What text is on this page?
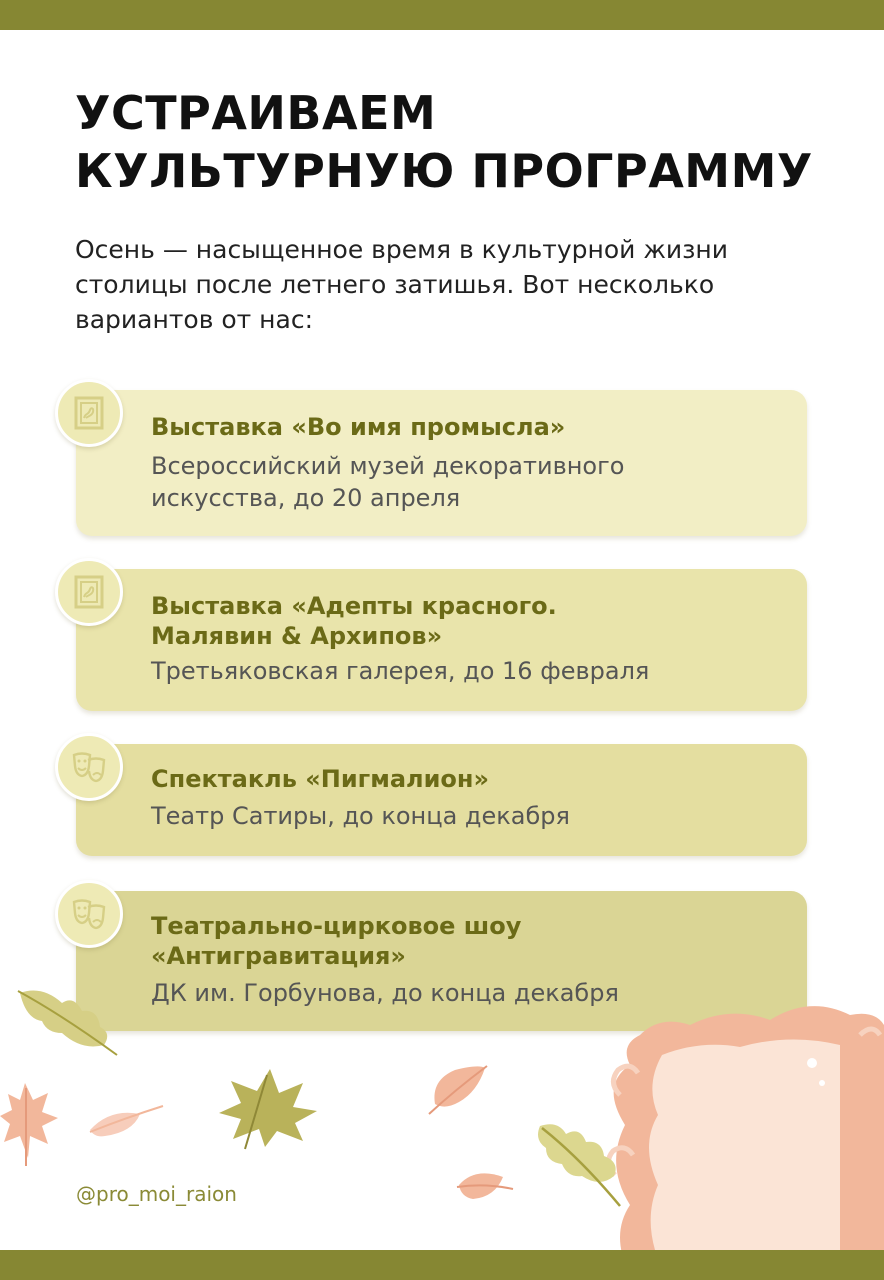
УСТРАИВАЕМ
КУЛЬТУРНУЮ ПРОГРАММУ
Осень — насыщенное время в культурной жизни
столицы после летнего затишья. Вот несколько
вариантов от нас:
Выставка «Во имя промысла»
Всероссийский музей декоративного
искусства, до 20 апреля
Выставка «Адепты красного.
Малявин & Архипов»
Третьяковская галерея, до 16 февраля
Спектакль «Пигмалион»
Театр Сатиры, до конца декабря
Театрально-цирковое шоу
«Антигравитация»
ДК им. Горбунова, до конца декабря
@pro_moi_raion
